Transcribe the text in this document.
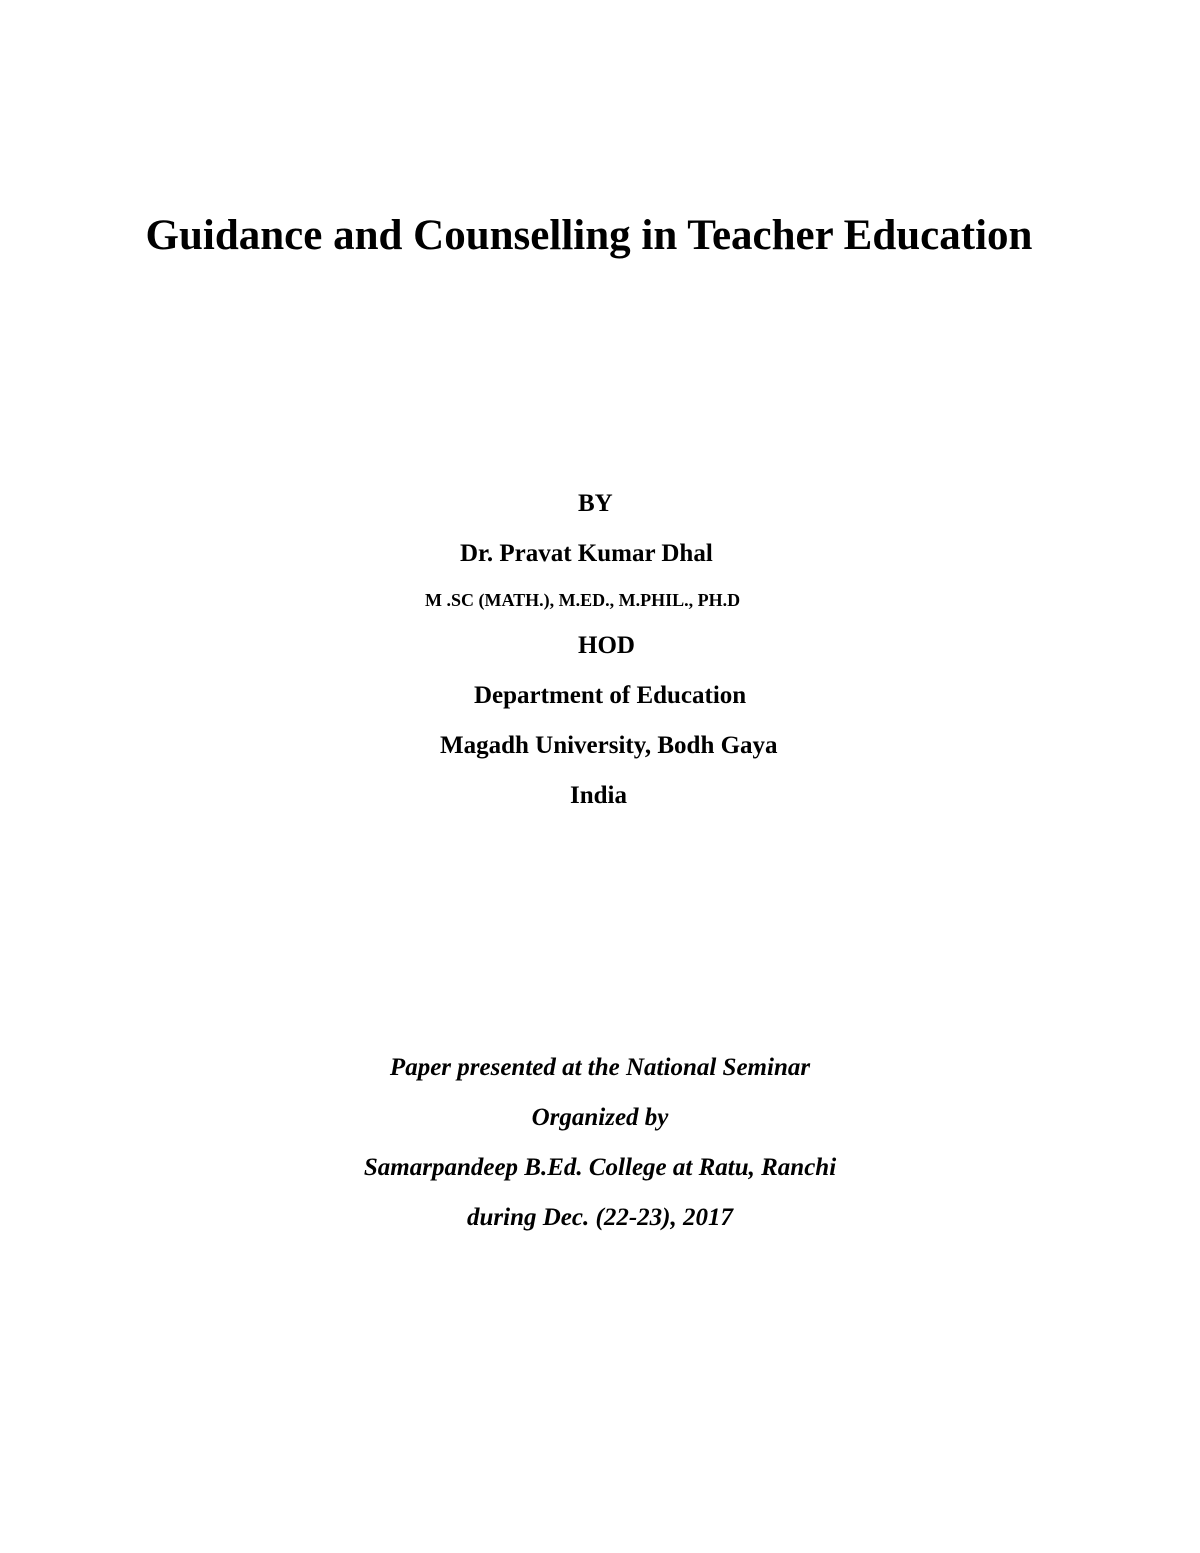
Guidance and Counselling in Teacher Education

BY

Dr. Pravat Kumar Dhal

M .SC (MATH.), M.ED., M.PHIL., PH.D

HOD

Department of Education

Magadh University, Bodh Gaya

India

Paper presented at the National Seminar

Organized by

Samarpandeep B.Ed. College at Ratu, Ranchi

during Dec. (22-23), 2017
